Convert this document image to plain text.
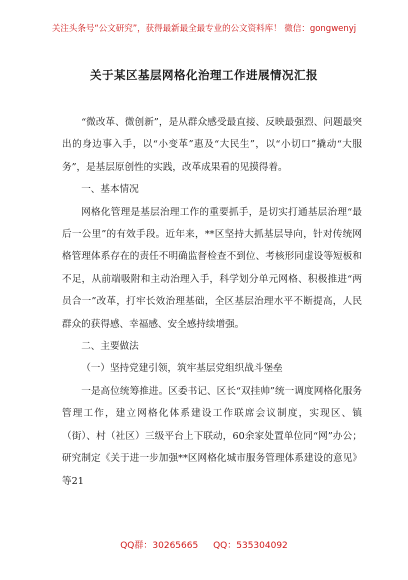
关注头条号“公文研究”，获得最新最全最专业的公文资料库！ 微信：gongwenyj
关于某区基层网格化治理工作进展情况汇报

“微改革、微创新”，是从群众感受最直接、反映最强烈、问题最突出的身边事入手，以“小变革”惠及“大民生”，以“小切口”撬动“大服务”，是基层原创性的实践，改革成果看的见摸得着。

一、基本情况

网格化管理是基层治理工作的重要抓手，是切实打通基层治理“最后一公里”的有效手段。近年来，**区坚持大抓基层导向，针对传统网格管理体系存在的责任不明确监督检查不到位、考核形同虚设等短板和不足，从前端吸附和主动治理入手，科学划分单元网格、积极推进“两员合一”改革，打牢长效治理基础，全区基层治理水平不断提高，人民群众的获得感、幸福感、安全感持续增强。

二、主要做法

（一）坚持党建引领，筑牢基层党组织战斗堡垒

一是高位统筹推进。区委书记、区长“双挂帅”统一调度网格化服务管理工作，建立网格化体系建设工作联席会议制度，实现区、镇（街）、村（社区）三级平台上下联动，60余家处置单位同“网”办公；研究制定《关于进一步加强**区网格化城市服务管理体系建设的意见》等21

QQ群：30265665 QQ：535304092
